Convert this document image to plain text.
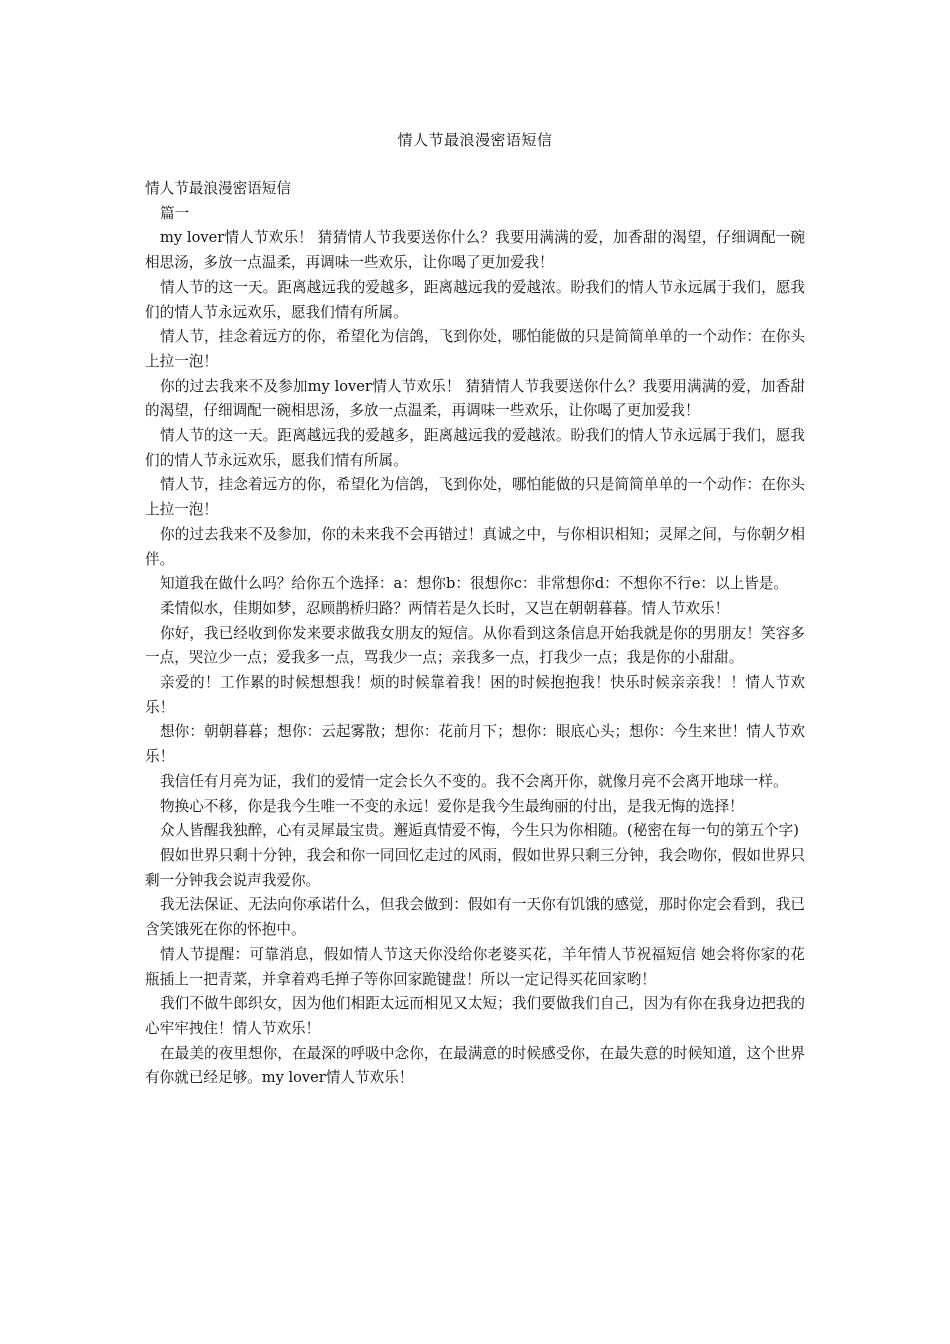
情人节最浪漫密语短信

情人节最浪漫密语短信

篇一

my lover情人节欢乐！ 猜猜情人节我要送你什么？我要用满满的爱，加香甜的渴望，仔细调配一碗相思汤，多放一点温柔，再调味一些欢乐，让你喝了更加爱我！

情人节的这一天。距离越远我的爱越多，距离越远我的爱越浓。盼我们的情人节永远属于我们，愿我们的情人节永远欢乐，愿我们情有所属。

情人节，挂念着远方的你，希望化为信鸽，飞到你处，哪怕能做的只是简简单单的一个动作：在你头上拉一泡！

你的过去我来不及参加my lover情人节欢乐！ 猜猜情人节我要送你什么？我要用满满的爱，加香甜的渴望，仔细调配一碗相思汤，多放一点温柔，再调味一些欢乐，让你喝了更加爱我！

情人节的这一天。距离越远我的爱越多，距离越远我的爱越浓。盼我们的情人节永远属于我们，愿我们的情人节永远欢乐，愿我们情有所属。

情人节，挂念着远方的你，希望化为信鸽，飞到你处，哪怕能做的只是简简单单的一个动作：在你头上拉一泡！

你的过去我来不及参加，你的未来我不会再错过！真诚之中，与你相识相知；灵犀之间，与你朝夕相伴。

知道我在做什么吗？给你五个选择：a：想你b：很想你c：非常想你d：不想你不行e：以上皆是。

柔情似水，佳期如梦，忍顾鹊桥归路？两情若是久长时，又岂在朝朝暮暮。情人节欢乐！

你好，我已经收到你发来要求做我女朋友的短信。从你看到这条信息开始我就是你的男朋友！笑容多一点，哭泣少一点；爱我多一点，骂我少一点；亲我多一点，打我少一点；我是你的小甜甜。

亲爱的！工作累的时候想想我！烦的时候靠着我！困的时候抱抱我！快乐时候亲亲我！！情人节欢乐！

想你：朝朝暮暮；想你：云起雾散；想你：花前月下；想你：眼底心头；想你：今生来世！情人节欢乐！

我信任有月亮为证，我们的爱情一定会长久不变的。我不会离开你，就像月亮不会离开地球一样。

物换心不移，你是我今生唯一不变的永远！爱你是我今生最绚丽的付出，是我无悔的选择！

众人皆醒我独醉，心有灵犀最宝贵。邂逅真情爱不悔，今生只为你相随。(秘密在每一句的第五个字)

假如世界只剩十分钟，我会和你一同回忆走过的风雨，假如世界只剩三分钟，我会吻你，假如世界只剩一分钟我会说声我爱你。

我无法保证、无法向你承诺什么，但我会做到：假如有一天你有饥饿的感觉，那时你定会看到，我已含笑饿死在你的怀抱中。

情人节提醒：可靠消息，假如情人节这天你没给你老婆买花，羊年情人节祝福短信 她会将你家的花瓶插上一把青菜，并拿着鸡毛掸子等你回家跪键盘！所以一定记得买花回家哟！

我们不做牛郎织女，因为他们相距太远而相见又太短；我们要做我们自己，因为有你在我身边把我的心牢牢拽住！情人节欢乐！

在最美的夜里想你，在最深的呼吸中念你，在最满意的时候感受你，在最失意的时候知道，这个世界有你就已经足够。my lover情人节欢乐！
